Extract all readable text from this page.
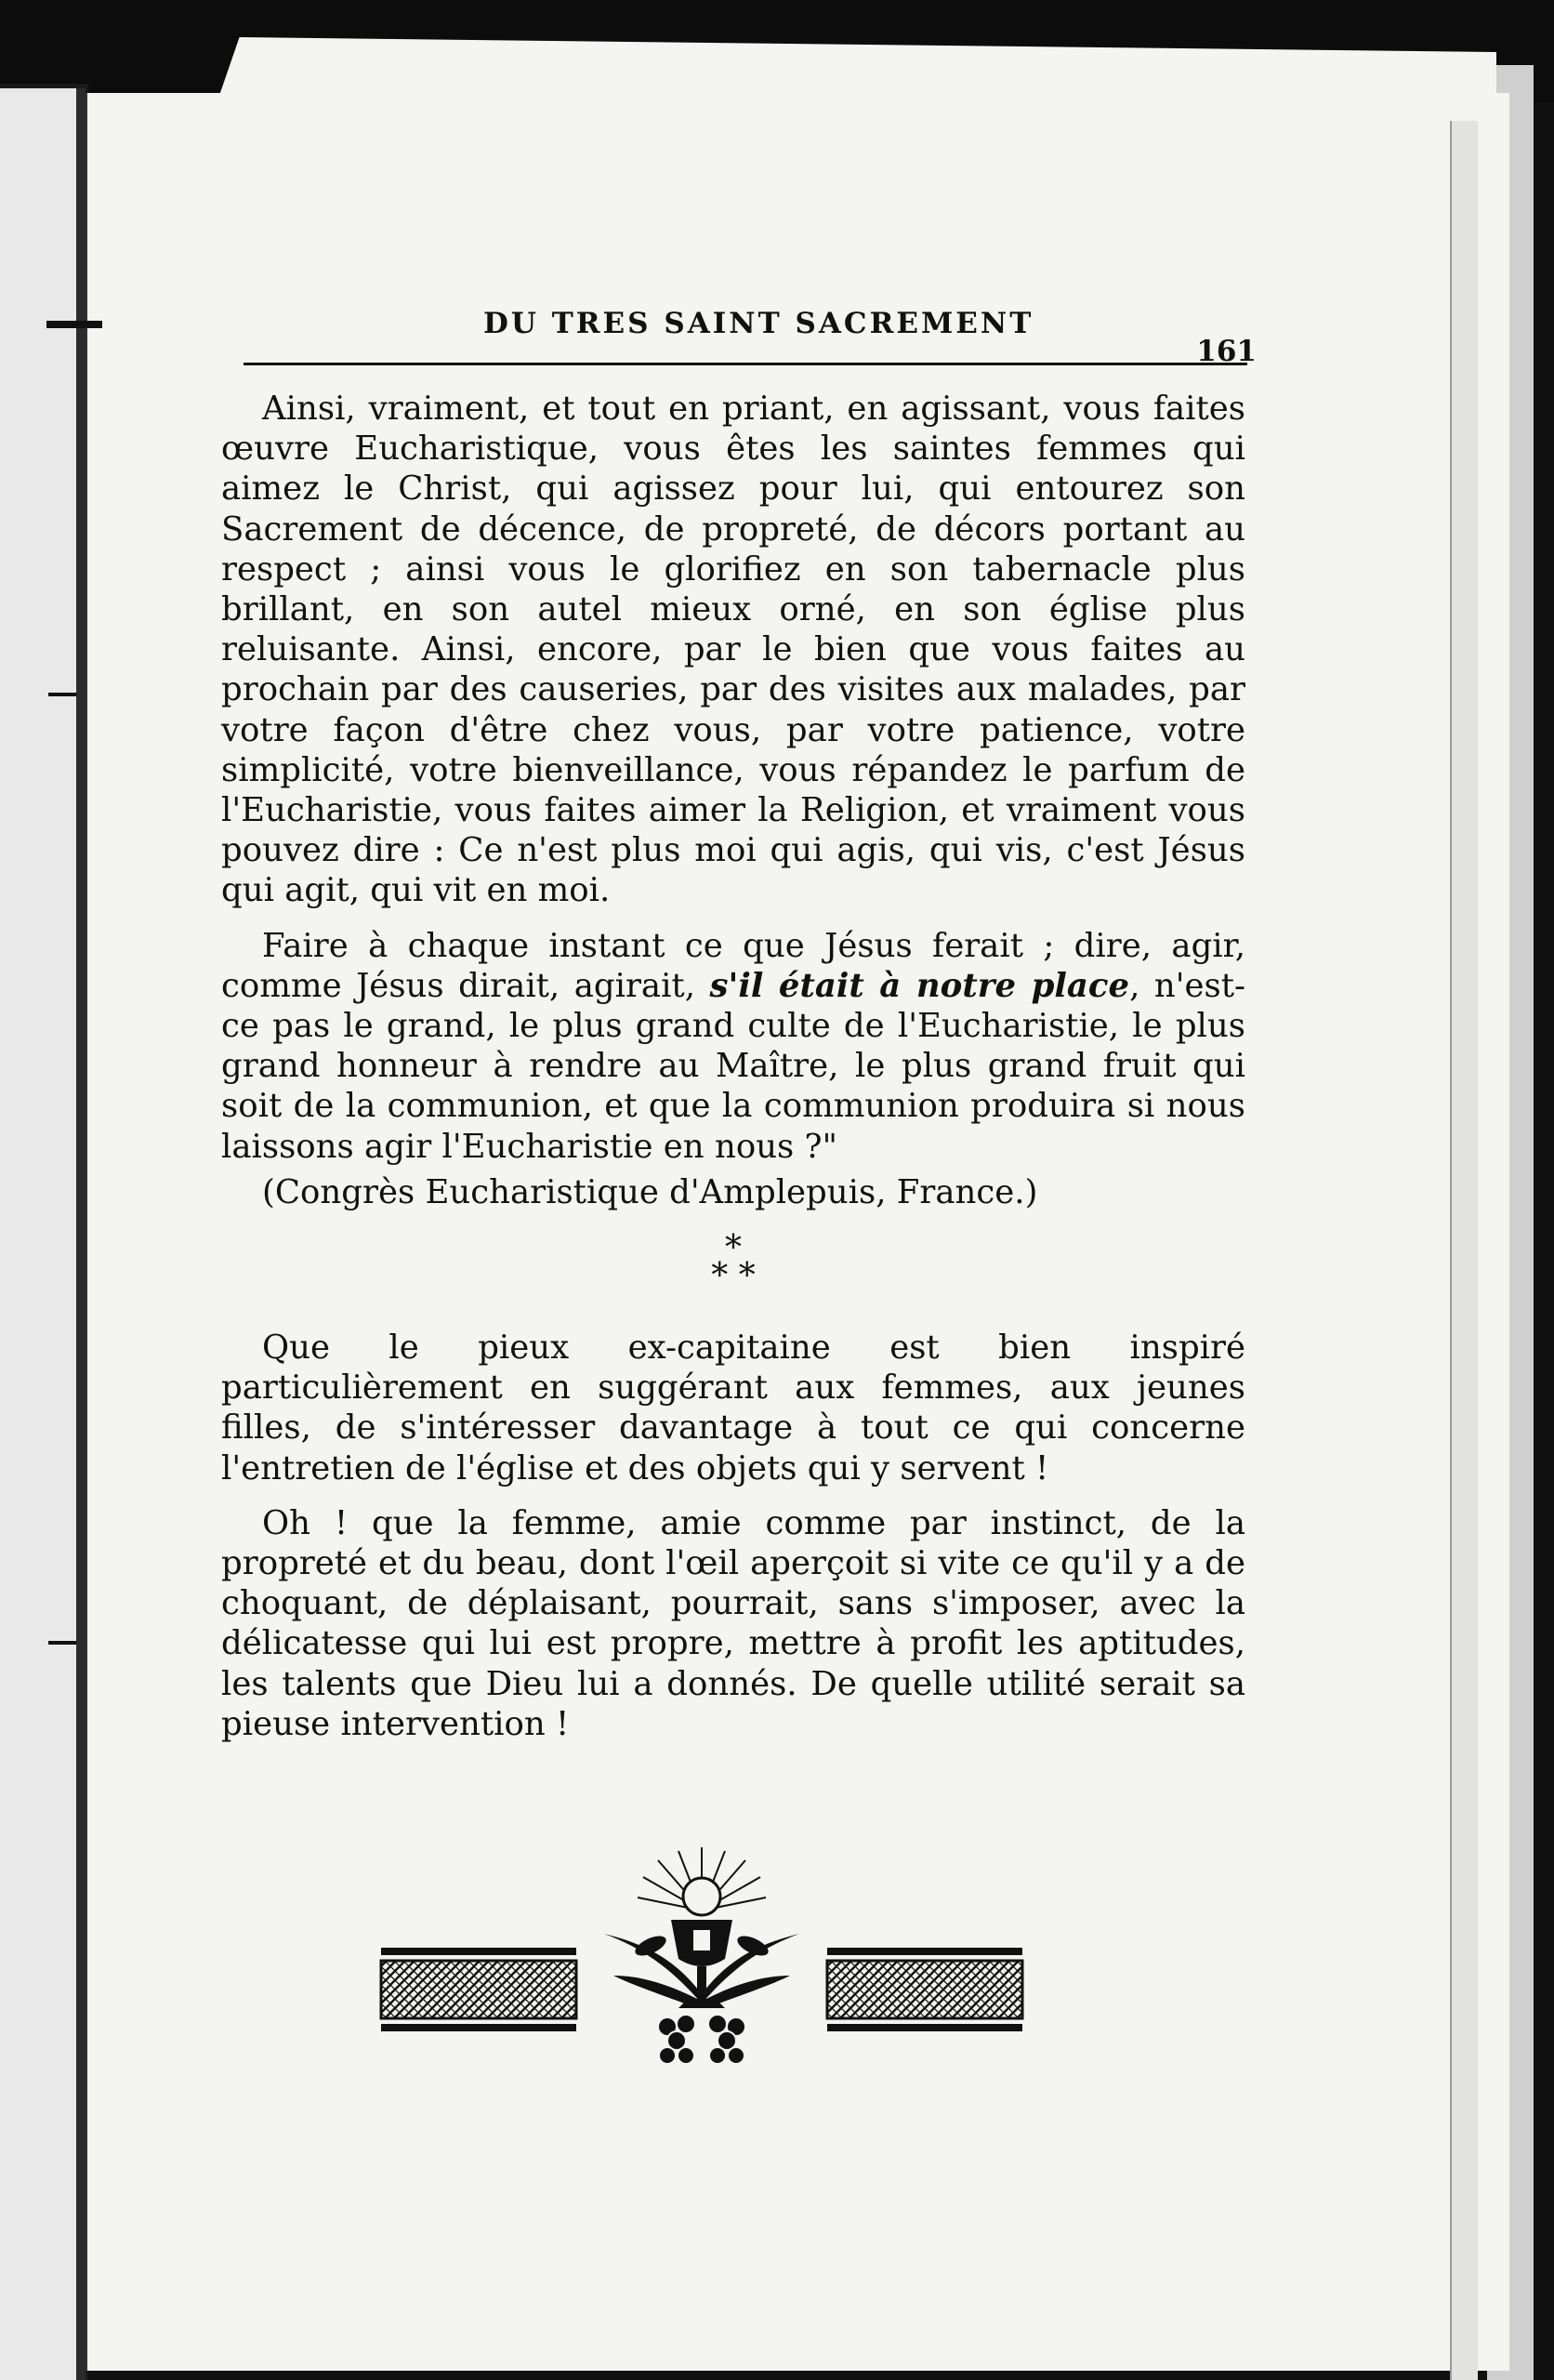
DU TRES SAINT SACREMENT
161

Ainsi, vraiment, et tout en priant, en agissant, vous faites œuvre Eucharistique, vous êtes les saintes femmes qui aimez le Christ, qui agissez pour lui, qui entourez son Sacrement de décence, de propreté, de décors portant au respect ; ainsi vous le glorifiez en son tabernacle plus brillant, en son autel mieux orné, en son église plus reluisante. Ainsi, encore, par le bien que vous faites au prochain par des causeries, par des visites aux malades, par votre façon d'être chez vous, par votre patience, votre simplicité, votre bienveillance, vous répandez le parfum de l'Eucharistie, vous faites aimer la Religion, et vraiment vous pouvez dire : Ce n'est plus moi qui agis, qui vis, c'est Jésus qui agit, qui vit en moi.

Faire à chaque instant ce que Jésus ferait ; dire, agir, comme Jésus dirait, agirait, s'il était à notre place, n'est-ce pas le grand, le plus grand culte de l'Eucharistie, le plus grand honneur à rendre au Maître, le plus grand fruit qui soit de la communion, et que la communion produira si nous laissons agir l'Eucharistie en nous ?"

(Congrès Eucharistique d'Amplepuis, France.)

*
* *

Que le pieux ex-capitaine est bien inspiré particulièrement en suggérant aux femmes, aux jeunes filles, de s'intéresser davantage à tout ce qui concerne l'entretien de l'église et des objets qui y servent !

Oh ! que la femme, amie comme par instinct, de la propreté et du beau, dont l'œil aperçoit si vite ce qu'il y a de choquant, de déplaisant, pourrait, sans s'imposer, avec la délicatesse qui lui est propre, mettre à profit les aptitudes, les talents que Dieu lui a donnés. De quelle utilité serait sa pieuse intervention !
